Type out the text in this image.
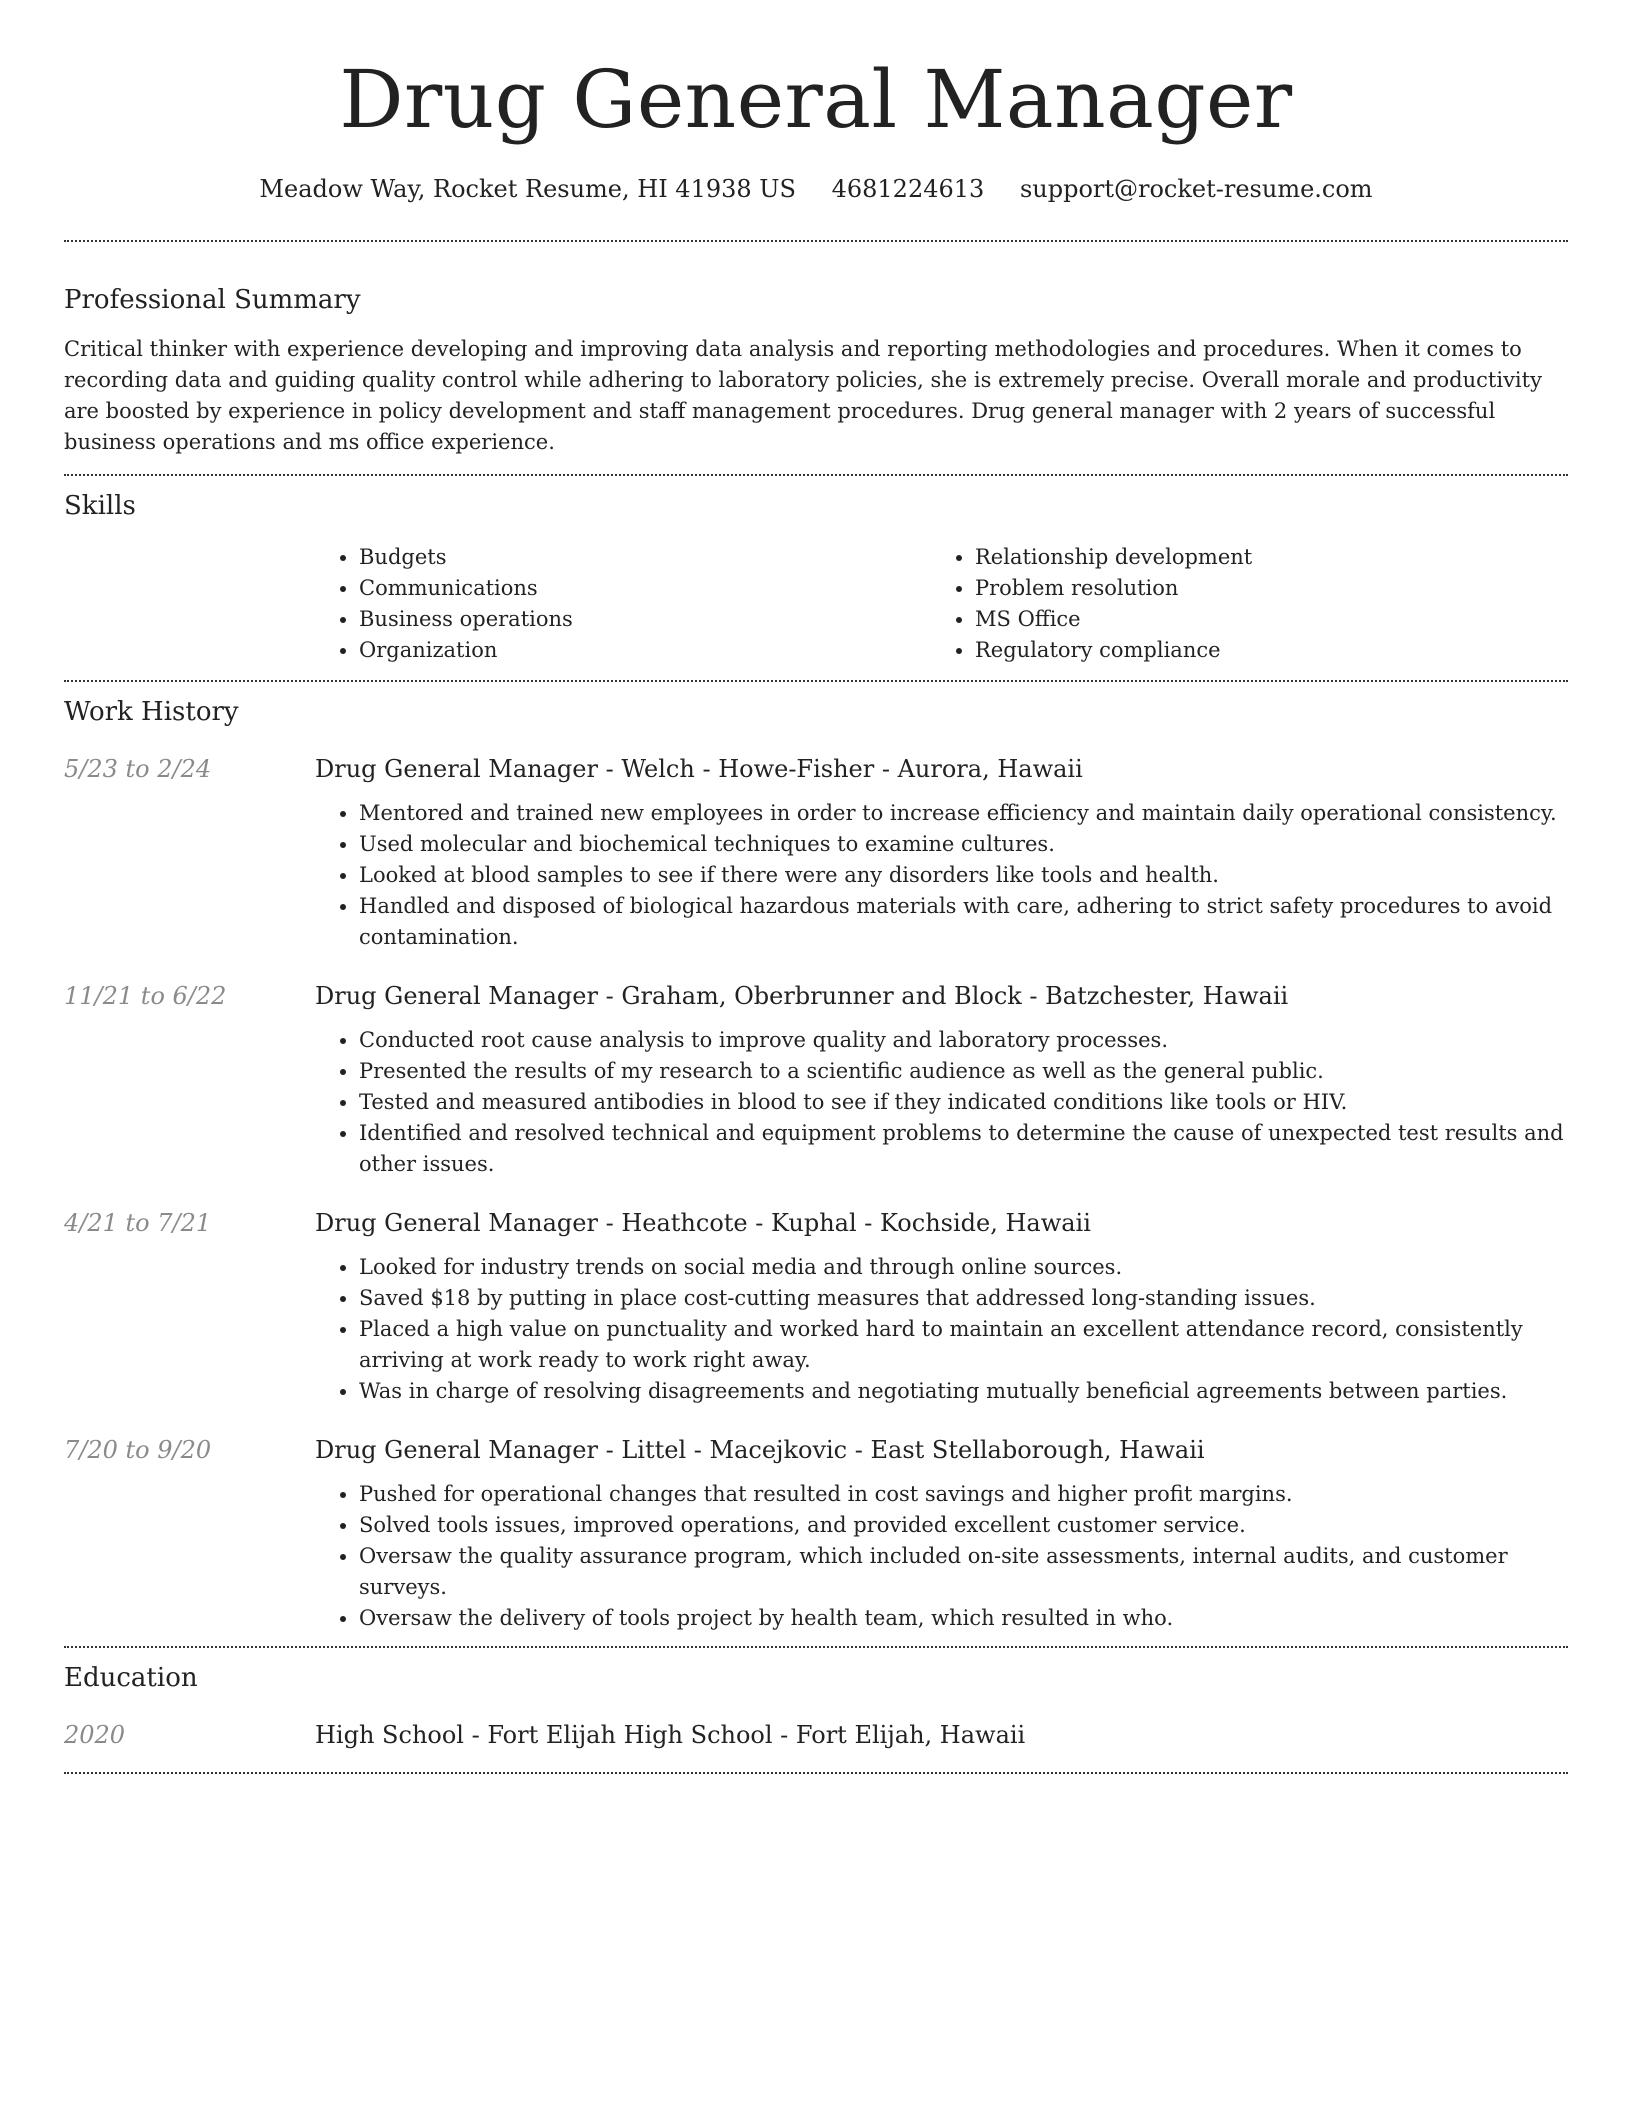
Drug General Manager
Meadow Way, Rocket Resume, HI 41938 US 4681224613 support@rocket-resume.com
Professional Summary

Critical thinker with experience developing and improving data analysis and reporting methodologies and procedures. When it comes to recording data and guiding quality control while adhering to laboratory policies, she is extremely precise. Overall morale and productivity are boosted by experience in policy development and staff management procedures. Drug general manager with 2 years of successful business operations and ms office experience.

Skills
• Budgets
• Communications
• Business operations
• Organization
• Relationship development
• Problem resolution
• MS Office
• Regulatory compliance
Work History
5/23 to 2/24	Drug General Manager - Welch - Howe-Fisher - Aurora, Hawaii
• Mentored and trained new employees in order to increase efficiency and maintain daily operational consistency.
• Used molecular and biochemical techniques to examine cultures.
• Looked at blood samples to see if there were any disorders like tools and health.
• Handled and disposed of biological hazardous materials with care, adhering to strict safety procedures to avoid contamination.
11/21 to 6/22	Drug General Manager - Graham, Oberbrunner and Block - Batzchester, Hawaii
• Conducted root cause analysis to improve quality and laboratory processes.
• Presented the results of my research to a scientific audience as well as the general public.
• Tested and measured antibodies in blood to see if they indicated conditions like tools or HIV.
• Identified and resolved technical and equipment problems to determine the cause of unexpected test results and other issues.
4/21 to 7/21	Drug General Manager - Heathcote - Kuphal - Kochside, Hawaii
• Looked for industry trends on social media and through online sources.
• Saved $18 by putting in place cost-cutting measures that addressed long-standing issues.
• Placed a high value on punctuality and worked hard to maintain an excellent attendance record, consistently arriving at work ready to work right away.
• Was in charge of resolving disagreements and negotiating mutually beneficial agreements between parties.
7/20 to 9/20	Drug General Manager - Littel - Macejkovic - East Stellaborough, Hawaii
• Pushed for operational changes that resulted in cost savings and higher profit margins.
• Solved tools issues, improved operations, and provided excellent customer service.
• Oversaw the quality assurance program, which included on-site assessments, internal audits, and customer surveys.
• Oversaw the delivery of tools project by health team, which resulted in who.
Education
2020	High School - Fort Elijah High School - Fort Elijah, Hawaii
